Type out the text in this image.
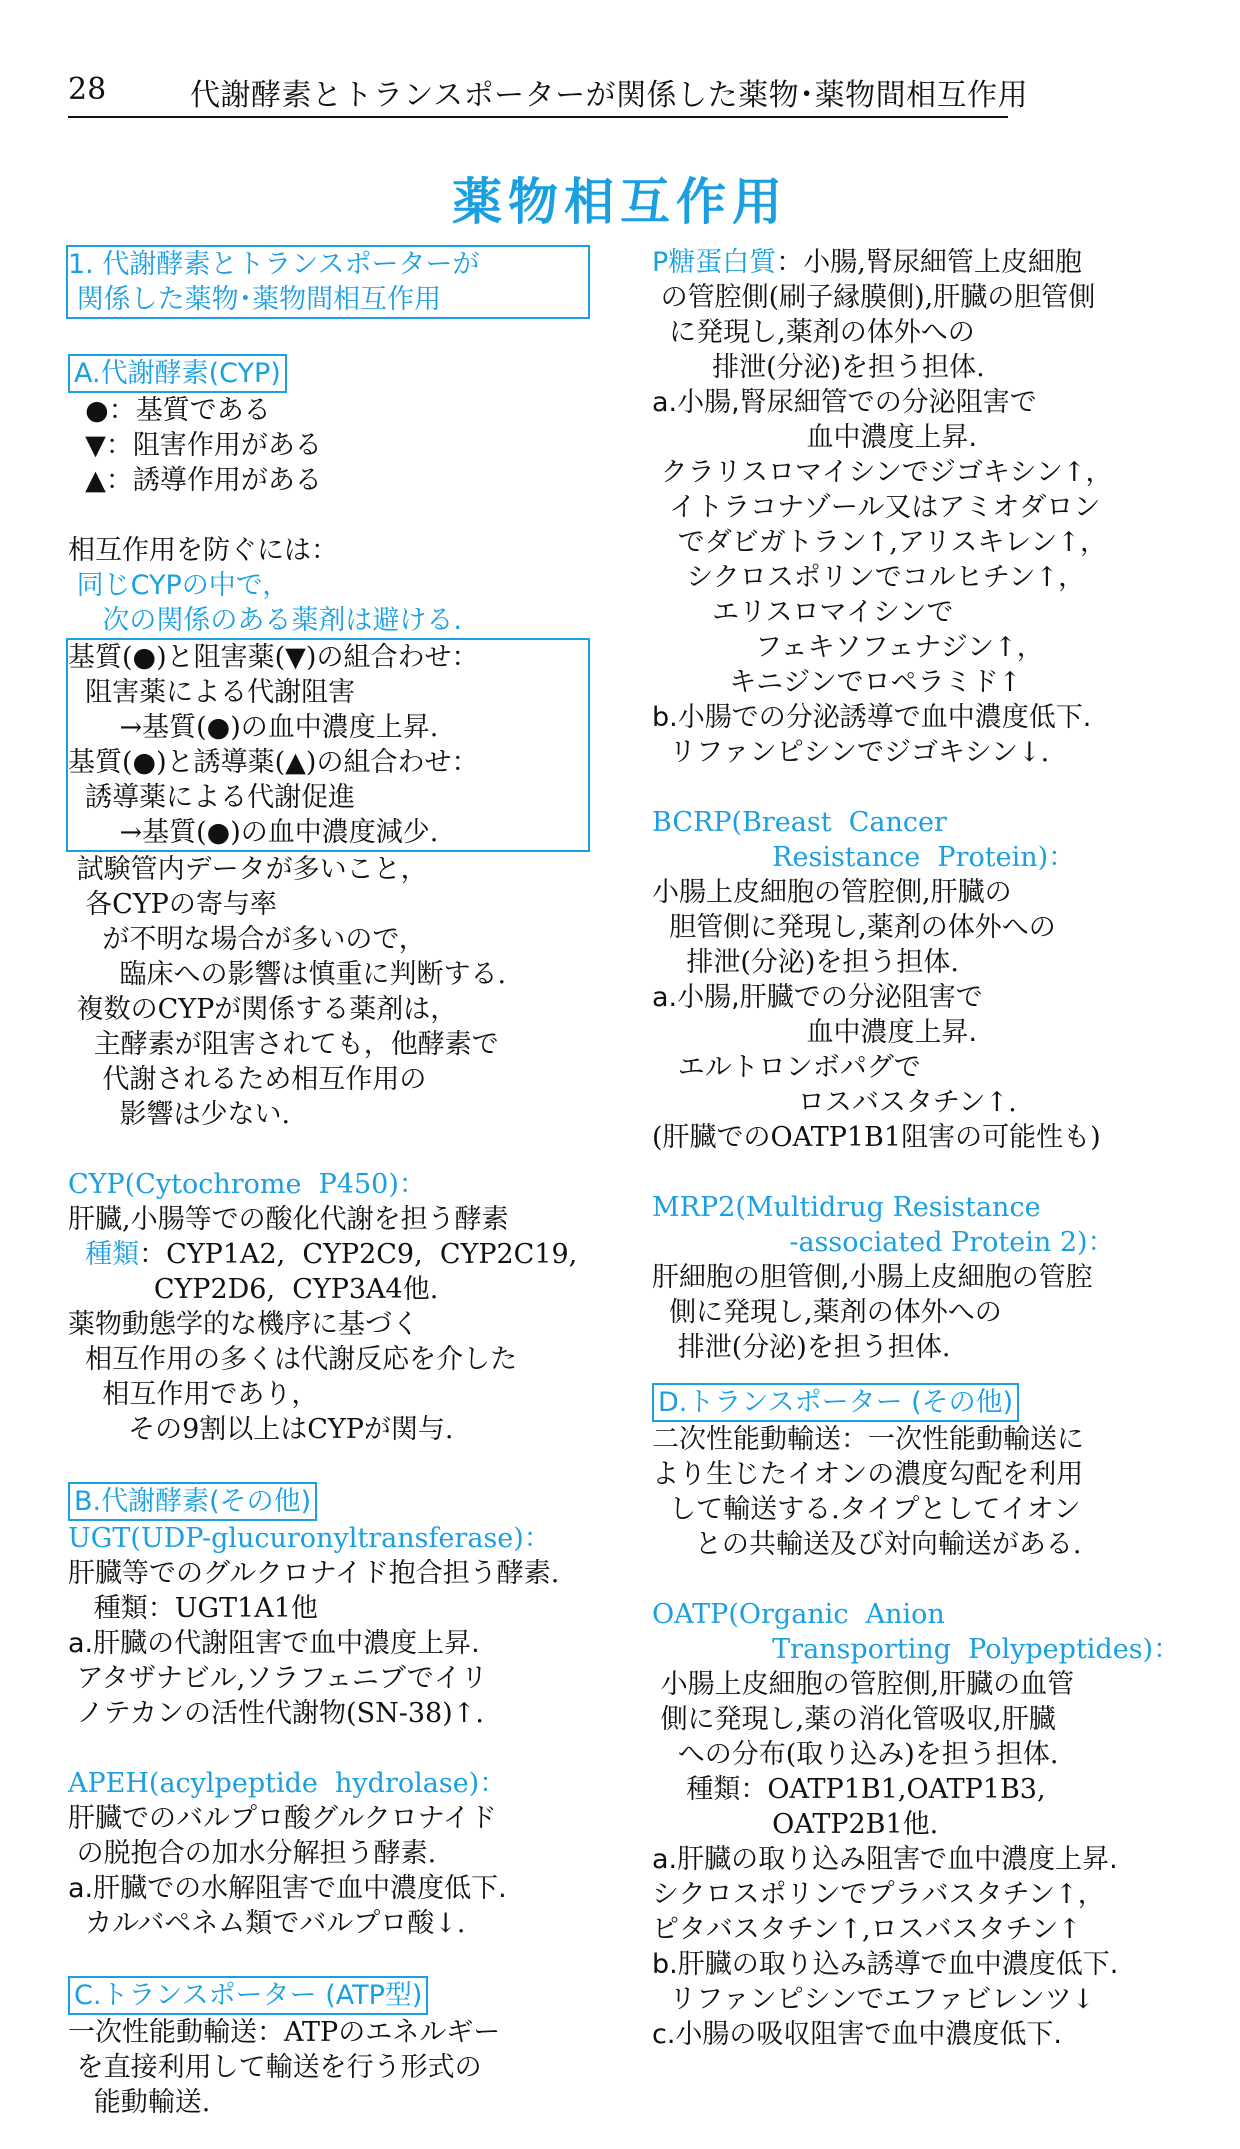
28	代謝酵素とトランスポーターが関係した薬物･薬物間相互作用
薬物相互作用
1. 代謝酵素とトランスポーターが
関係した薬物･薬物間相互作用
A.代謝酵素(CYP)
●：基質である
▼：阻害作用がある
▲：誘導作用がある
相互作用を防ぐには：
同じCYPの中で，
次の関係のある薬剤は避ける.
基質(●)と阻害薬(▼)の組合わせ：
阻害薬による代謝阻害
→基質(●)の血中濃度上昇.
基質(●)と誘導薬(▲)の組合わせ：
誘導薬による代謝促進
→基質(●)の血中濃度減少.
試験管内データが多いこと，
各CYPの寄与率
が不明な場合が多いので，
臨床への影響は慎重に判断する.
複数のCYPが関係する薬剤は，
主酵素が阻害されても，他酵素で
代謝されるため相互作用の
影響は少ない.
CYP(Cytochrome  P450)：
肝臓,小腸等での酸化代謝を担う酵素
種類：CYP1A2,  CYP2C9,  CYP2C19,
CYP2D6,  CYP3A4他.
薬物動態学的な機序に基づく
相互作用の多くは代謝反応を介した
相互作用であり，
その9割以上はCYPが関与.
B.代謝酵素(その他)
UGT(UDP-glucuronyltransferase)：
肝臓等でのグルクロナイド抱合担う酵素.
種類：UGT1A1他
a.肝臓の代謝阻害で血中濃度上昇.
アタザナビル,ソラフェニブでイリ
ノテカンの活性代謝物(SN-38)↑.
APEH(acylpeptide  hydrolase)：
肝臓でのバルプロ酸グルクロナイド
の脱抱合の加水分解担う酵素.
a.肝臓での水解阻害で血中濃度低下.
カルバペネム類でバルプロ酸↓.
C.トランスポーター (ATP型)
一次性能動輸送：ATPのエネルギー
を直接利用して輸送を行う形式の
能動輸送.
P糖蛋白質：小腸,腎尿細管上皮細胞
の管腔側(刷子縁膜側),肝臓の胆管側
に発現し,薬剤の体外への
排泄(分泌)を担う担体.
a.小腸,腎尿細管での分泌阻害で
血中濃度上昇.
クラリスロマイシンでジゴキシン↑，
イトラコナゾール又はアミオダロン
でダビガトラン↑,アリスキレン↑，
シクロスポリンでコルヒチン↑，
エリスロマイシンで
フェキソフェナジン↑，
キニジンでロペラミド↑
b.小腸での分泌誘導で血中濃度低下.
リファンピシンでジゴキシン↓.
BCRP(Breast  Cancer
Resistance  Protein)：
小腸上皮細胞の管腔側,肝臓の
胆管側に発現し,薬剤の体外への
排泄(分泌)を担う担体.
a.小腸,肝臓での分泌阻害で
血中濃度上昇.
エルトロンボパグで
ロスバスタチン↑.
(肝臓でのOATP1B1阻害の可能性も)
MRP2(Multidrug Resistance
-associated Protein 2)：
肝細胞の胆管側,小腸上皮細胞の管腔
側に発現し,薬剤の体外への
排泄(分泌)を担う担体.
D.トランスポーター (その他)
二次性能動輸送：一次性能動輸送に
より生じたイオンの濃度勾配を利用
して輸送する.タイプとしてイオン
との共輸送及び対向輸送がある.
OATP(Organic  Anion
Transporting  Polypeptides)：
小腸上皮細胞の管腔側,肝臓の血管
側に発現し,薬の消化管吸収,肝臓
への分布(取り込み)を担う担体.
種類：OATP1B1,OATP1B3,
OATP2B1他.
a.肝臓の取り込み阻害で血中濃度上昇.
シクロスポリンでプラバスタチン↑，
ピタバスタチン↑,ロスバスタチン↑
b.肝臓の取り込み誘導で血中濃度低下.
リファンピシンでエファビレンツ↓
c.小腸の吸収阻害で血中濃度低下.
